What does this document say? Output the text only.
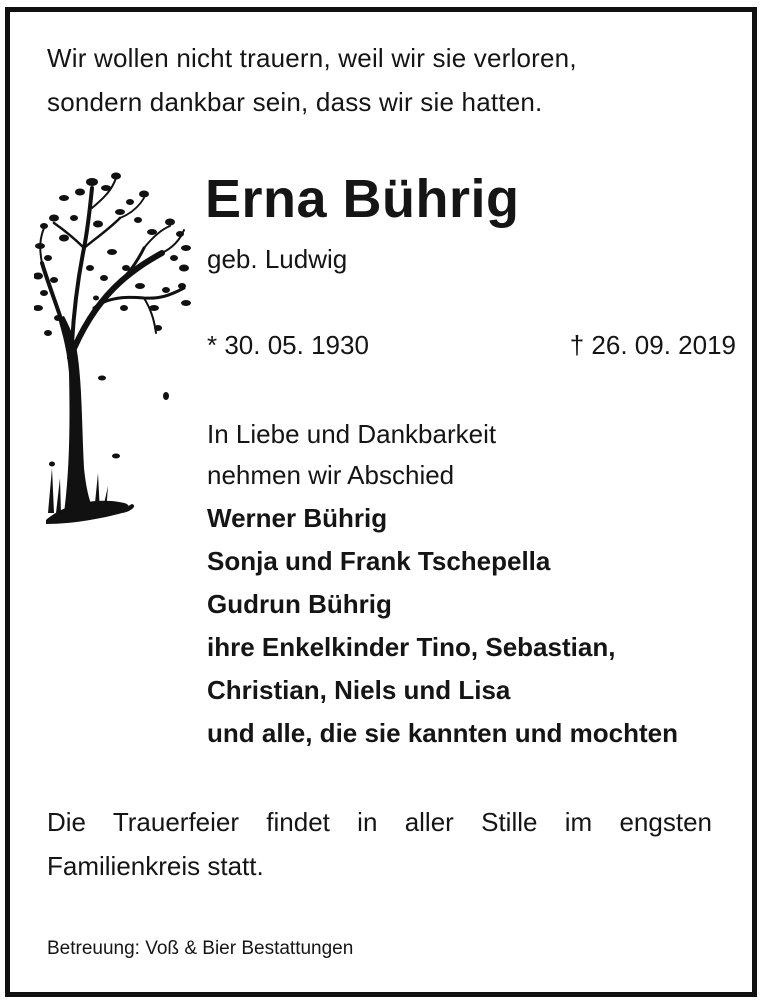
Wir wollen nicht trauern, weil wir sie verloren,
sondern dankbar sein, dass wir sie hatten.
Erna Bührig
geb. Ludwig
* 30. 05. 1930	† 26. 09. 2019
In Liebe und Dankbarkeit
nehmen wir Abschied
Werner Bührig
Sonja und Frank Tschepella
Gudrun Bührig
ihre Enkelkinder Tino, Sebastian,
Christian, Niels und Lisa
und alle, die sie kannten und mochten
Die Trauerfeier findet in aller Stille im engsten Familienkreis statt.
Betreuung: Voß & Bier Bestattungen
